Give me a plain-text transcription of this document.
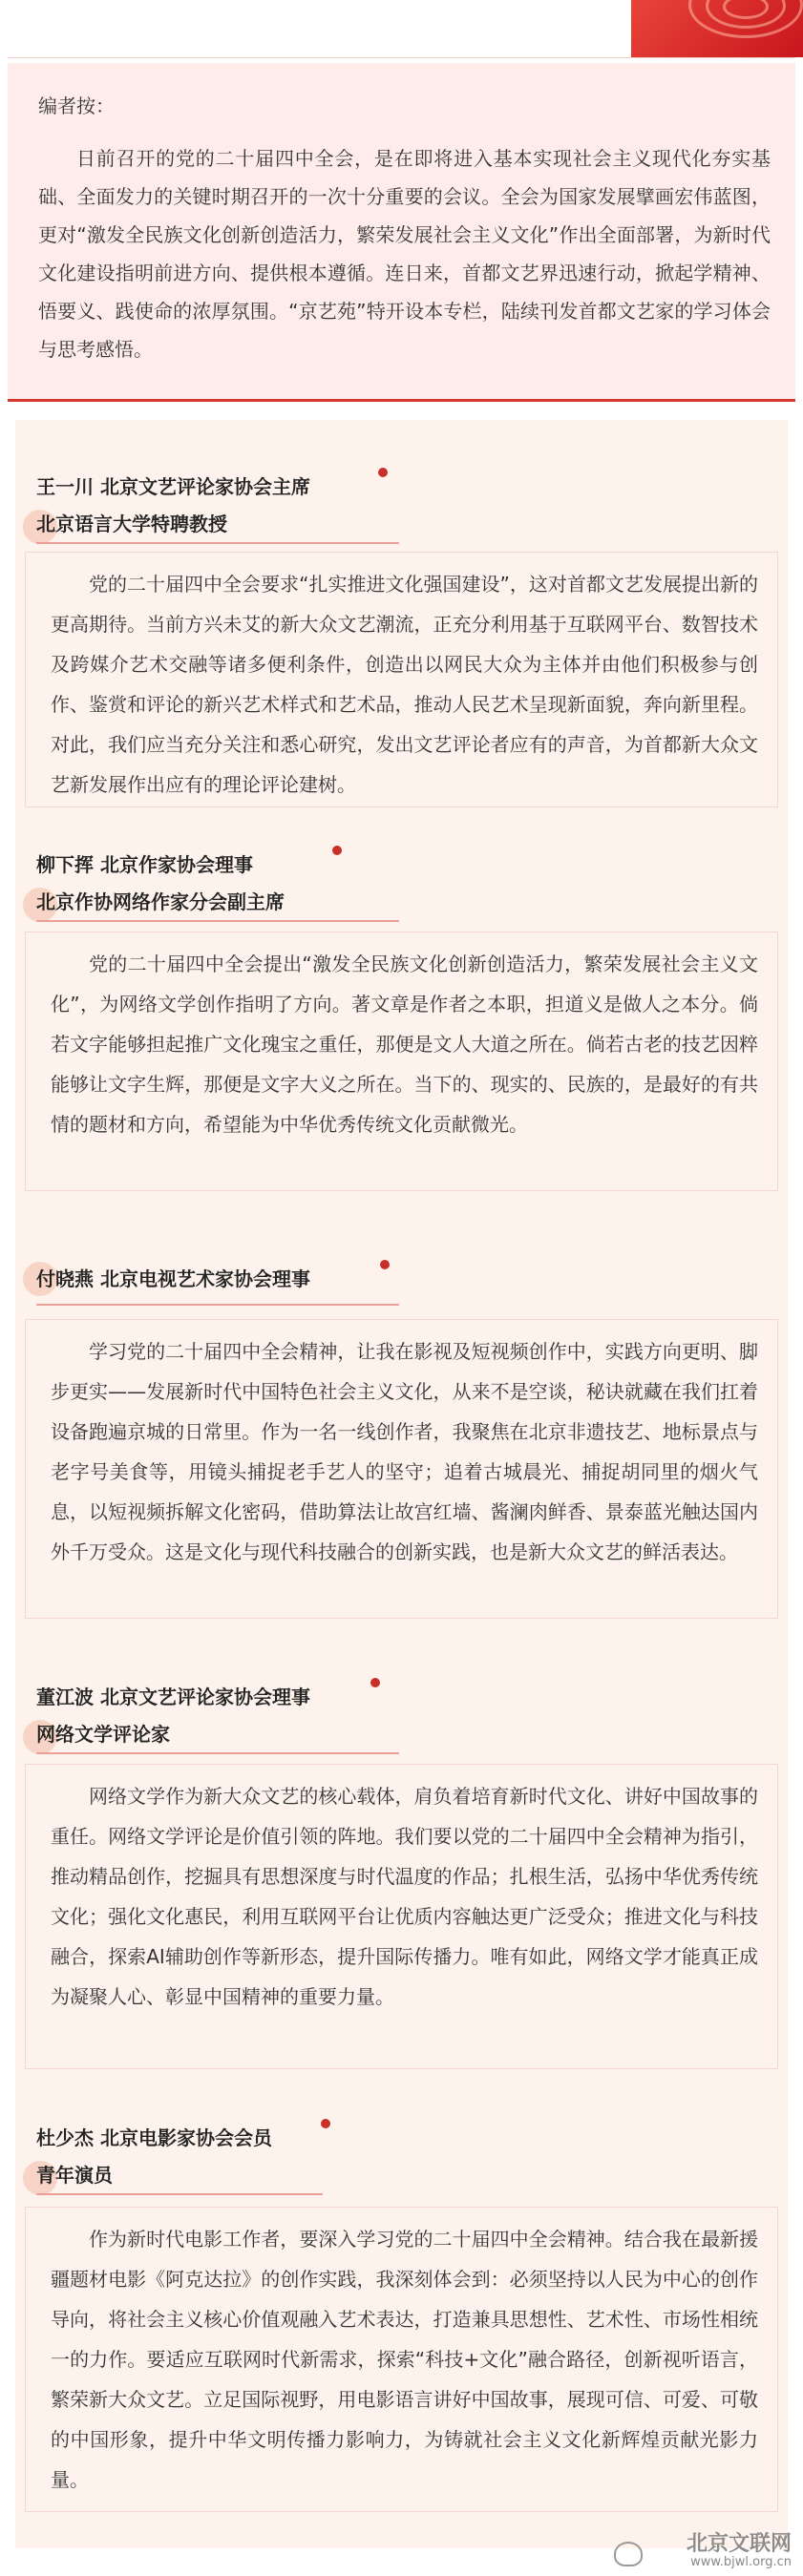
编者按：

日前召开的党的二十届四中全会，是在即将进入基本实现社会主义现代化夯实基础、全面发力的关键时期召开的一次十分重要的会议。全会为国家发展擘画宏伟蓝图，更对“激发全民族文化创新创造活力，繁荣发展社会主义文化”作出全面部署，为新时代文化建设指明前进方向、提供根本遵循。连日来，首都文艺界迅速行动，掀起学精神、悟要义、践使命的浓厚氛围。“京艺苑”特开设本专栏，陆续刊发首都文艺家的学习体会与思考感悟。

王一川 北京文艺评论家协会主席
北京语言大学特聘教授

党的二十届四中全会要求“扎实推进文化强国建设”，这对首都文艺发展提出新的更高期待。当前方兴未艾的新大众文艺潮流，正充分利用基于互联网平台、数智技术及跨媒介艺术交融等诸多便利条件，创造出以网民大众为主体并由他们积极参与创作、鉴赏和评论的新兴艺术样式和艺术品，推动人民艺术呈现新面貌，奔向新里程。对此，我们应当充分关注和悉心研究，发出文艺评论者应有的声音，为首都新大众文艺新发展作出应有的理论评论建树。

柳下挥 北京作家协会理事
北京作协网络作家分会副主席

党的二十届四中全会提出“激发全民族文化创新创造活力，繁荣发展社会主义文化”，为网络文学创作指明了方向。著文章是作者之本职，担道义是做人之本分。倘若文字能够担起推广文化瑰宝之重任，那便是文人大道之所在。倘若古老的技艺因粹能够让文字生辉，那便是文字大义之所在。当下的、现实的、民族的，是最好的有共情的题材和方向，希望能为中华优秀传统文化贡献微光。

付晓燕 北京电视艺术家协会理事

学习党的二十届四中全会精神，让我在影视及短视频创作中，实践方向更明、脚步更实——发展新时代中国特色社会主义文化，从来不是空谈，秘诀就藏在我们扛着设备跑遍京城的日常里。作为一名一线创作者，我聚焦在北京非遗技艺、地标景点与老字号美食等，用镜头捕捉老手艺人的坚守；追着古城晨光、捕捉胡同里的烟火气息，以短视频拆解文化密码，借助算法让故宫红墙、酱澜肉鲜香、景泰蓝光触达国内外千万受众。这是文化与现代科技融合的创新实践，也是新大众文艺的鲜活表达。

董江波 北京文艺评论家协会理事
网络文学评论家

网络文学作为新大众文艺的核心载体，肩负着培育新时代文化、讲好中国故事的重任。网络文学评论是价值引领的阵地。我们要以党的二十届四中全会精神为指引，推动精品创作，挖掘具有思想深度与时代温度的作品；扎根生活，弘扬中华优秀传统文化；强化文化惠民，利用互联网平台让优质内容触达更广泛受众；推进文化与科技融合，探索AI辅助创作等新形态，提升国际传播力。唯有如此，网络文学才能真正成为凝聚人心、彰显中国精神的重要力量。

杜少杰 北京电影家协会会员
青年演员

作为新时代电影工作者，要深入学习党的二十届四中全会精神。结合我在最新援疆题材电影《阿克达拉》的创作实践，我深刻体会到：必须坚持以人民为中心的创作导向，将社会主义核心价值观融入艺术表达，打造兼具思想性、艺术性、市场性相统一的力作。要适应互联网时代新需求，探索“科技+文化”融合路径，创新视听语言，繁荣新大众文艺。立足国际视野，用电影语言讲好中国故事，展现可信、可爱、可敬的中国形象，提升中华文明传播力影响力，为铸就社会主义文化新辉煌贡献光影力量。

北京文联网
www.bjwl.org.cn
